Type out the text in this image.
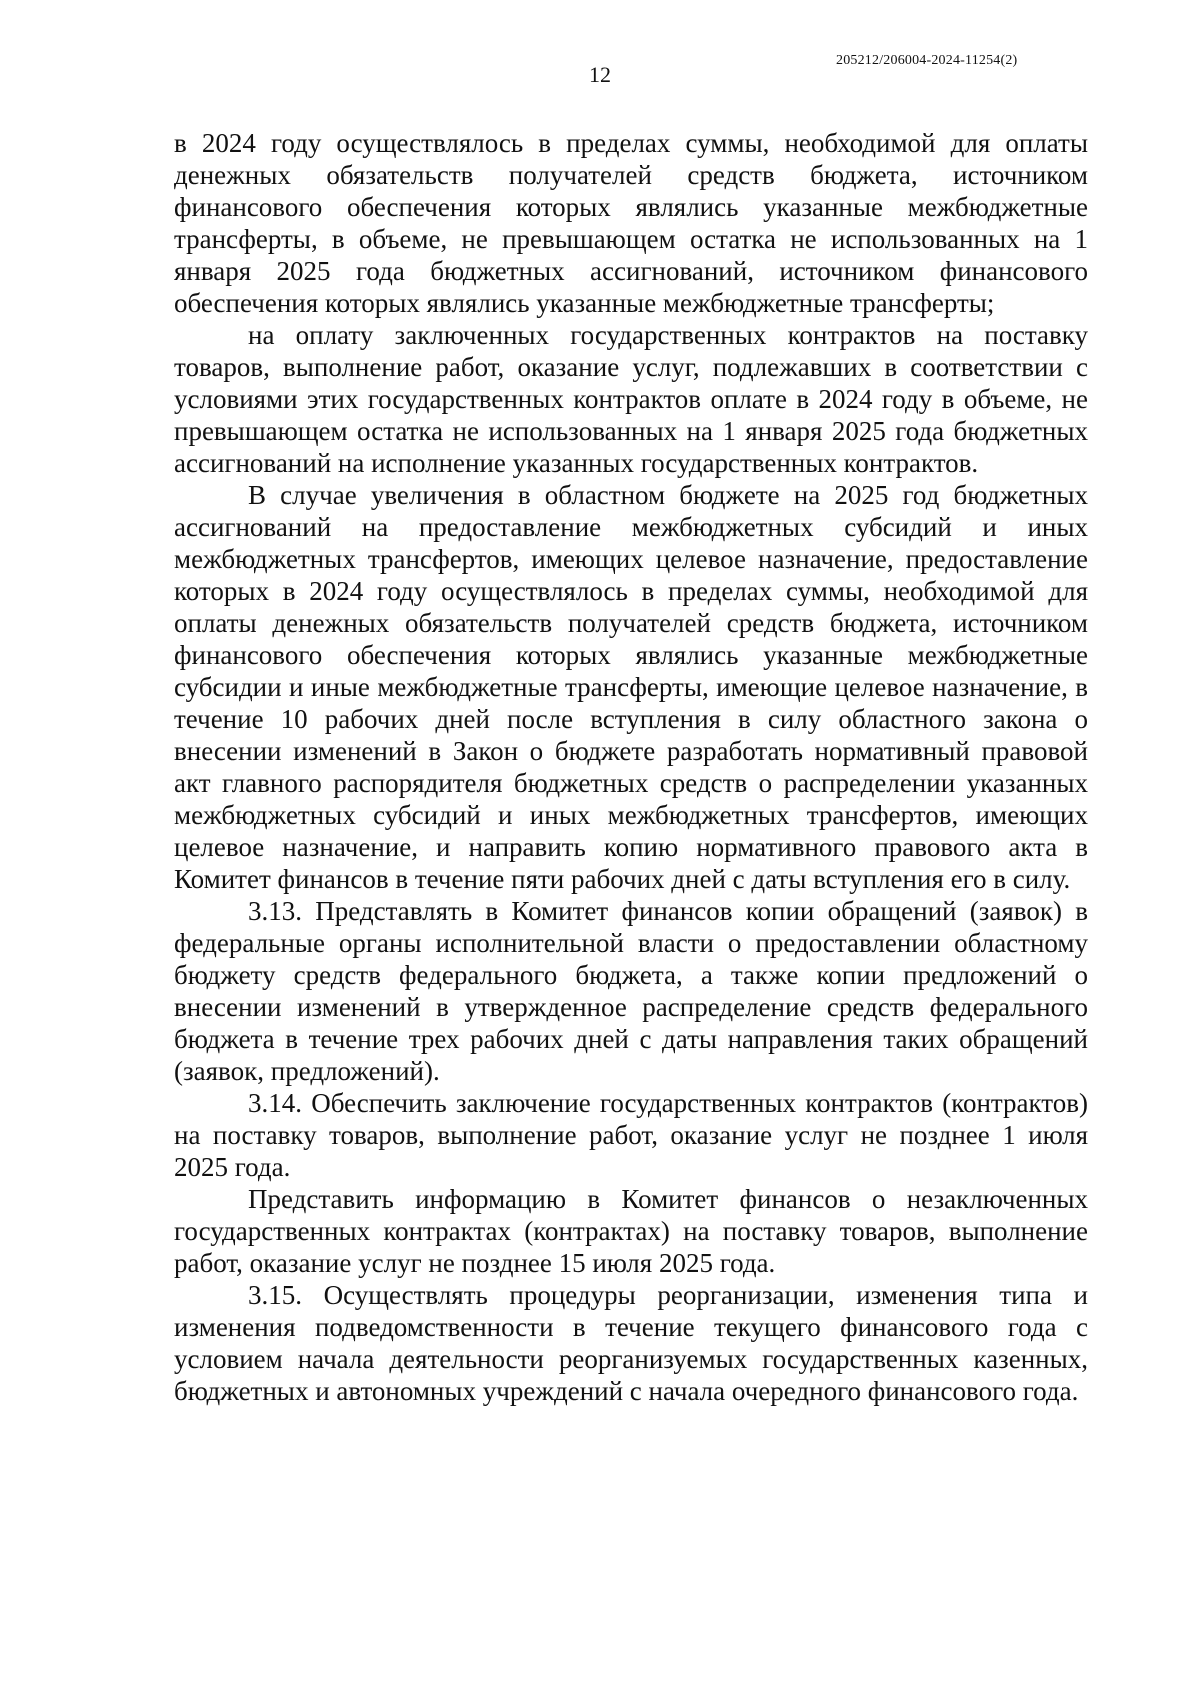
205212/206004-2024-11254(2)
12

в 2024 году осуществлялось в пределах суммы, необходимой для оплаты денежных обязательств получателей средств бюджета, источником финансового обеспечения которых являлись указанные межбюджетные трансферты, в объеме, не превышающем остатка не использованных на 1 января 2025 года бюджетных ассигнований, источником финансового обеспечения которых являлись указанные межбюджетные трансферты;

на оплату заключенных государственных контрактов на поставку товаров, выполнение работ, оказание услуг, подлежавших в соответствии с условиями этих государственных контрактов оплате в 2024 году в объеме, не превышающем остатка не использованных на 1 января 2025 года бюджетных ассигнований на исполнение указанных государственных контрактов.

В случае увеличения в областном бюджете на 2025 год бюджетных ассигнований на предоставление межбюджетных субсидий и иных межбюджетных трансфертов, имеющих целевое назначение, предоставление которых в 2024 году осуществлялось в пределах суммы, необходимой для оплаты денежных обязательств получателей средств бюджета, источником финансового обеспечения которых являлись указанные межбюджетные субсидии и иные межбюджетные трансферты, имеющие целевое назначение, в течение 10 рабочих дней после вступления в силу областного закона о внесении изменений в Закон о бюджете разработать нормативный правовой акт главного распорядителя бюджетных средств о распределении указанных межбюджетных субсидий и иных межбюджетных трансфертов, имеющих целевое назначение, и направить копию нормативного правового акта в Комитет финансов в течение пяти рабочих дней с даты вступления его в силу.

3.13. Представлять в Комитет финансов копии обращений (заявок) в федеральные органы исполнительной власти о предоставлении областному бюджету средств федерального бюджета, а также копии предложений о внесении изменений в утвержденное распределение средств федерального бюджета в течение трех рабочих дней с даты направления таких обращений (заявок, предложений).

3.14. Обеспечить заключение государственных контрактов (контрактов) на поставку товаров, выполнение работ, оказание услуг не позднее 1 июля 2025 года.

Представить информацию в Комитет финансов о незаключенных государственных контрактах (контрактах) на поставку товаров, выполнение работ, оказание услуг не позднее 15 июля 2025 года.

3.15. Осуществлять процедуры реорганизации, изменения типа и изменения подведомственности в течение текущего финансового года с условием начала деятельности реорганизуемых государственных казенных, бюджетных и автономных учреждений с начала очередного финансового года.
